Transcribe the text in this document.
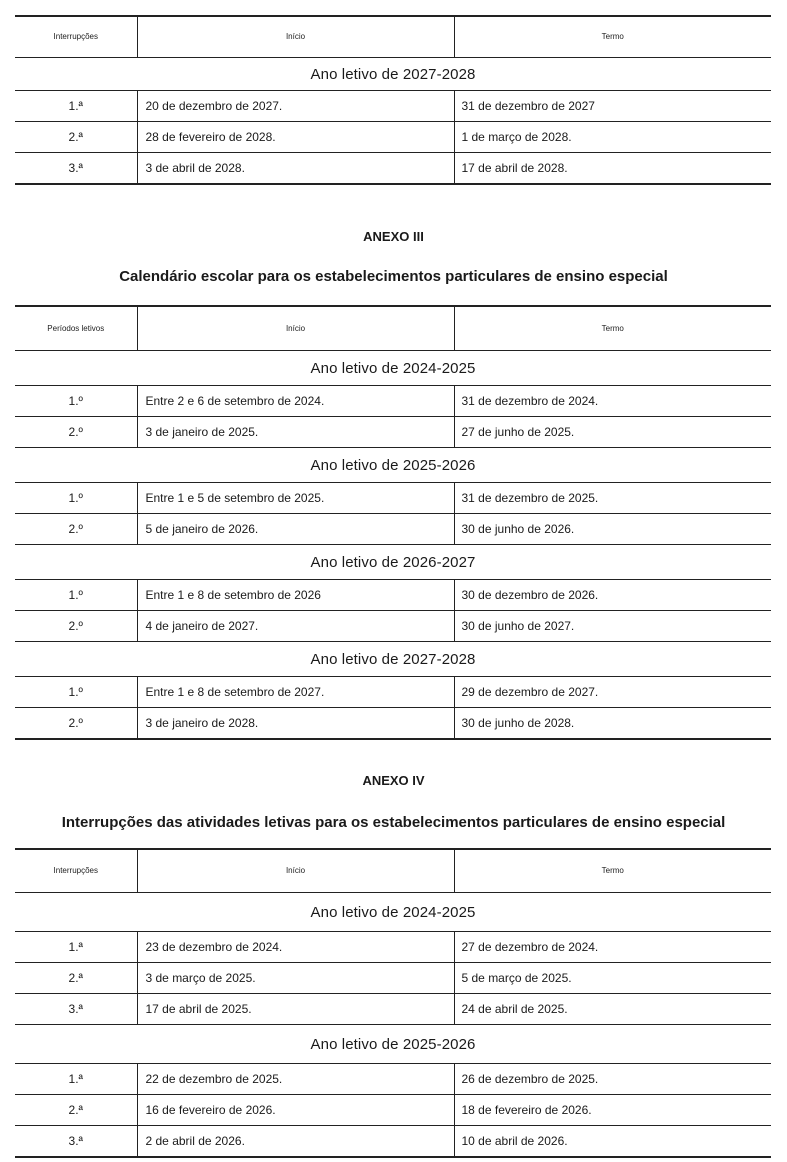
Interrupções	Início	Termo
Ano letivo de 2027-2028		
1.ª	20 de dezembro de 2027.	31 de dezembro de 2027
2.ª	28 de fevereiro de 2028.	1 de março de 2028.
3.ª	3 de abril de 2028.	17 de abril de 2028.
ANEXO III
Calendário escolar para os estabelecimentos particulares de ensino especial
Períodos letivos	Início	Termo
Ano letivo de 2024-2025		
1.º	Entre 2 e 6 de setembro de 2024.	31 de dezembro de 2024.
2.º	3 de janeiro de 2025.	27 de junho de 2025.
Ano letivo de 2025-2026		
1.º	Entre 1 e 5 de setembro de 2025.	31 de dezembro de 2025.
2.º	5 de janeiro de 2026.	30 de junho de 2026.
Ano letivo de 2026-2027		
1.º	Entre 1 e 8 de setembro de 2026	30 de dezembro de 2026.
2.º	4 de janeiro de 2027.	30 de junho de 2027.
Ano letivo de 2027-2028		
1.º	Entre 1 e 8 de setembro de 2027.	29 de dezembro de 2027.
2.º	3 de janeiro de 2028.	30 de junho de 2028.
ANEXO IV
Interrupções das atividades letivas para os estabelecimentos particulares de ensino especial
Interrupções	Início	Termo
Ano letivo de 2024-2025		
1.ª	23 de dezembro de 2024.	27 de dezembro de 2024.
2.ª	3 de março de 2025.	5 de março de 2025.
3.ª	17 de abril de 2025.	24 de abril de 2025.
Ano letivo de 2025-2026		
1.ª	22 de dezembro de 2025.	26 de dezembro de 2025.
2.ª	16 de fevereiro de 2026.	18 de fevereiro de 2026.
3.ª	2 de abril de 2026.	10 de abril de 2026.
